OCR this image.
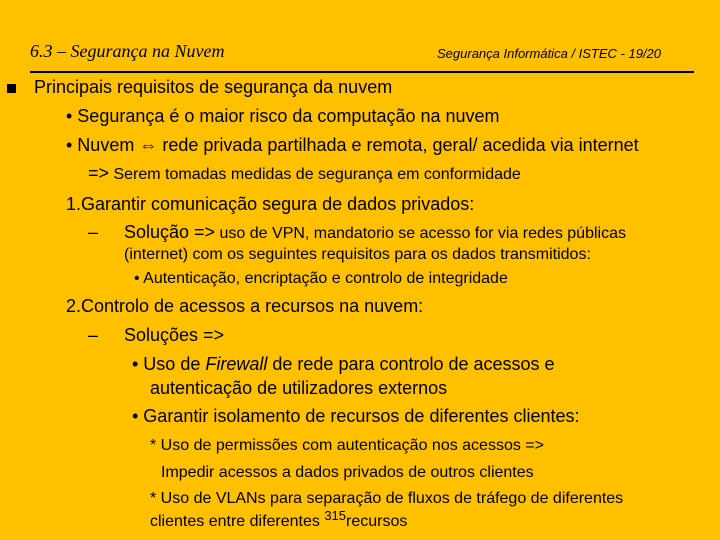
6.3 – Segurança na Nuvem	Segurança Informática / ISTEC - 19/20
Principais requisitos de segurança da nuvem
• Segurança é o maior risco da computação na nuvem
• Nuvem ⇔ rede privada partilhada e remota, geral/ acedida via internet
=> Serem tomadas medidas de segurança em conformidade
1.Garantir comunicação segura de dados privados:
– Solução => uso de VPN, mandatorio se acesso for via redes públicas
(internet) com os seguintes requisitos para os dados transmitidos:
• Autenticação, encriptação e controlo de integridade
2.Controlo de acessos a recursos na nuvem:
– Soluções =>
• Uso de Firewall de rede para controlo de acessos e
autenticação de utilizadores externos
• Garantir isolamento de recursos de diferentes clientes:
* Uso de permissões com autenticação nos acessos =>
Impedir acessos a dados privados de outros clientes
* Uso de VLANs para separação de fluxos de tráfego de diferentes
clientes entre diferentes $^{315}$recursos
